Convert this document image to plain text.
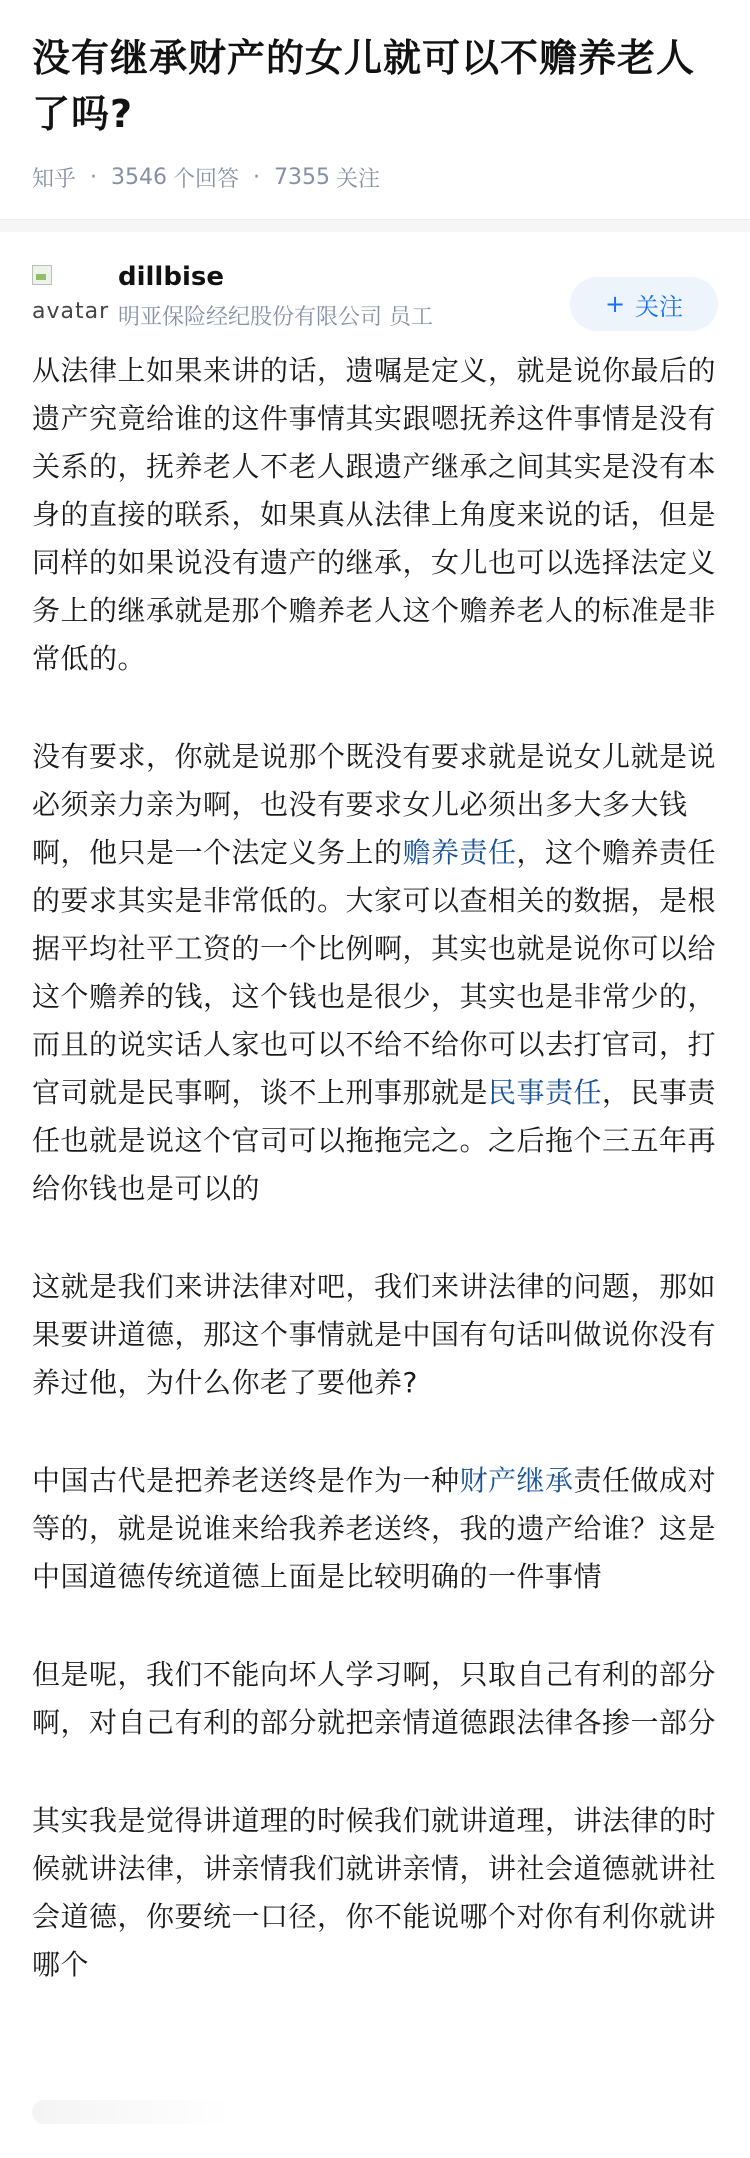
没有继承财产的女儿就可以不赡养老人了吗?
知乎 · 3546 个回答 · 7355 关注
avatar
dillbise
明亚保险经纪股份有限公司 员工	+ 关注

从法律上如果来讲的话，遗嘱是定义，就是说你最后的遗产究竟给谁的这件事情其实跟嗯抚养这件事情是没有关系的，抚养老人不老人跟遗产继承之间其实是没有本身的直接的联系，如果真从法律上角度来说的话，但是同样的如果说没有遗产的继承，女儿也可以选择法定义务上的继承就是那个赡养老人这个赡养老人的标准是非常低的。

没有要求，你就是说那个既没有要求就是说女儿就是说必须亲力亲为啊，也没有要求女儿必须出多大多大钱啊，他只是一个法定义务上的赡养责任，这个赡养责任的要求其实是非常低的。大家可以查相关的数据，是根据平均社平工资的一个比例啊，其实也就是说你可以给这个赡养的钱，这个钱也是很少，其实也是非常少的，而且的说实话人家也可以不给不给你可以去打官司，打官司就是民事啊，谈不上刑事那就是民事责任，民事责任也就是说这个官司可以拖拖完之。之后拖个三五年再给你钱也是可以的

这就是我们来讲法律对吧，我们来讲法律的问题，那如果要讲道德，那这个事情就是中国有句话叫做说你没有养过他，为什么你老了要他养?

中国古代是把养老送终是作为一种财产继承责任做成对等的，就是说谁来给我养老送终，我的遗产给谁？这是中国道德传统道德上面是比较明确的一件事情

但是呢，我们不能向坏人学习啊，只取自己有利的部分啊，对自己有利的部分就把亲情道德跟法律各掺一部分

其实我是觉得讲道理的时候我们就讲道理，讲法律的时候就讲法律，讲亲情我们就讲亲情，讲社会道德就讲社会道德，你要统一口径，你不能说哪个对你有利你就讲哪个
